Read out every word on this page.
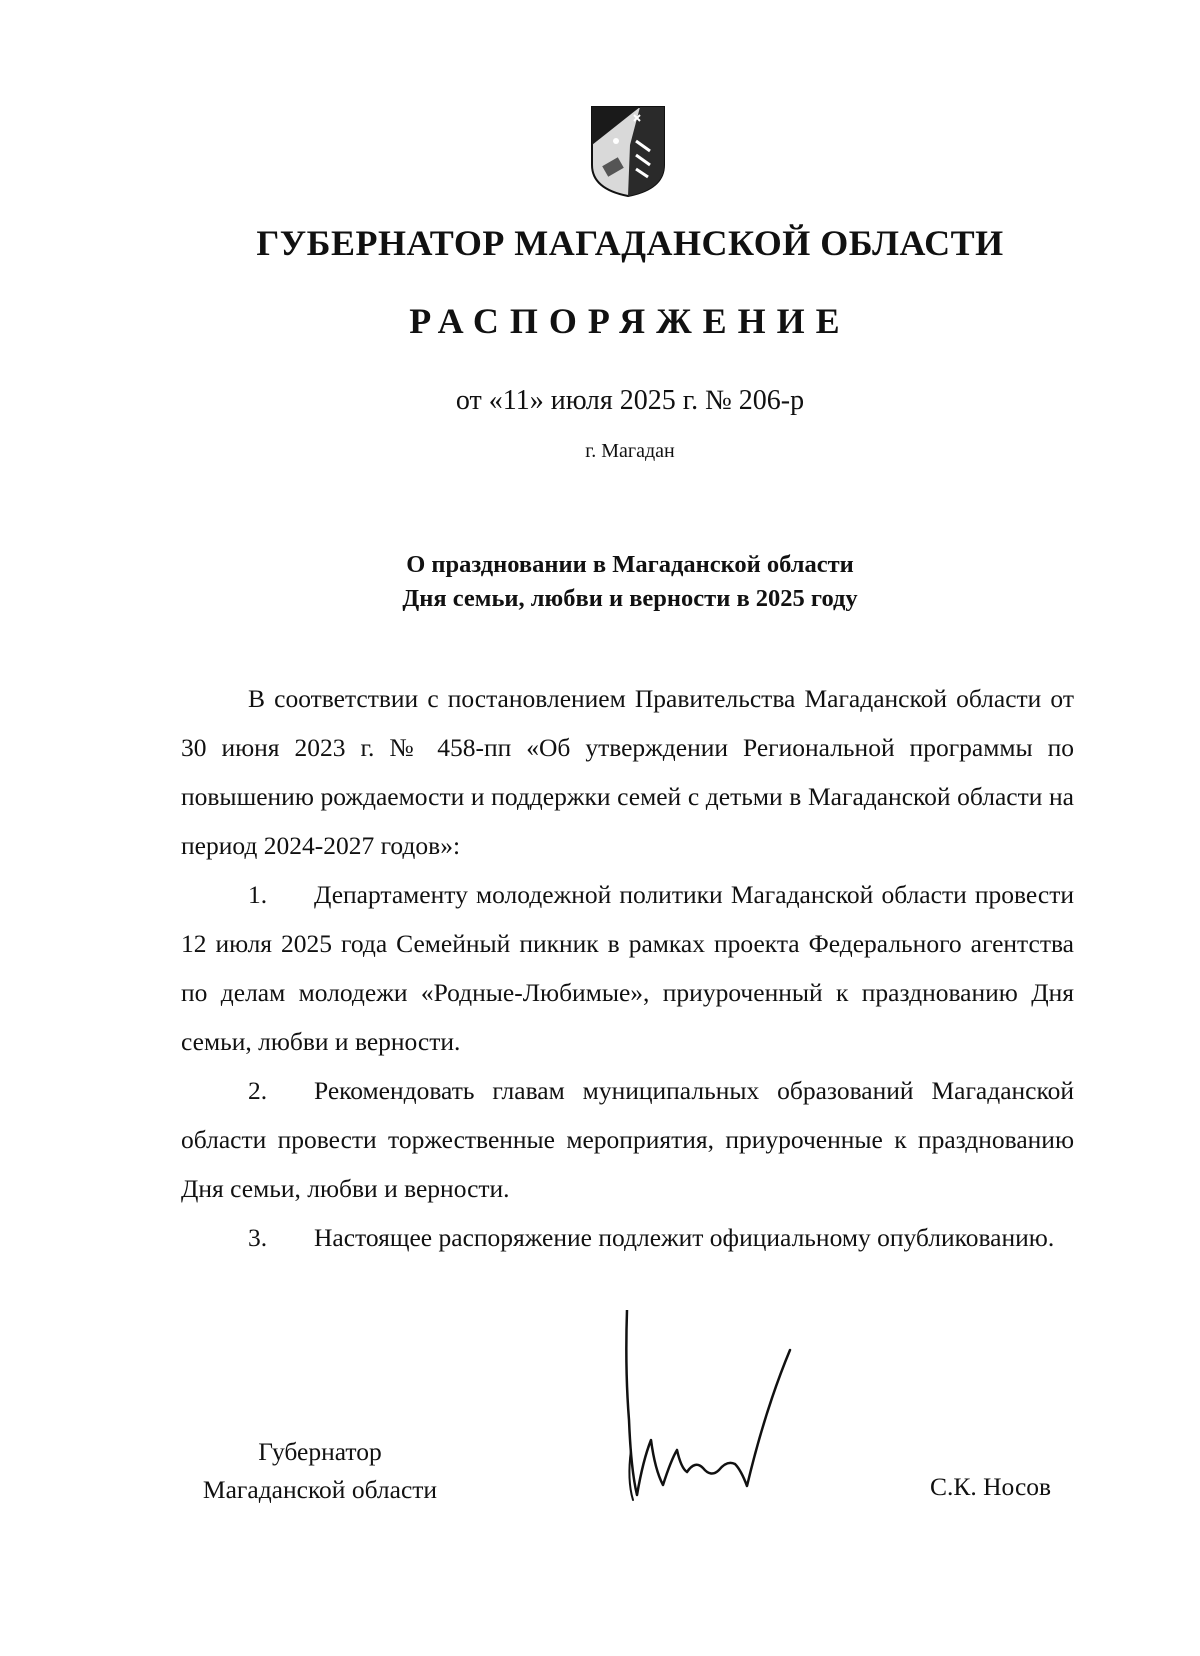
ГУБЕРНАТОР МАГАДАНСКОЙ ОБЛАСТИ
РАСПОРЯЖЕНИЕ
от «11» июля 2025 г. № 206-р
г. Магадан
О праздновании в Магаданской области
Дня семьи, любви и верности в 2025 году

В соответствии с постановлением Правительства Магаданской области от 30 июня 2023 г. № 458-пп «Об утверждении Региональной программы по повышению рождаемости и поддержки семей с детьми в Магаданской области на период 2024-2027 годов»:

1. Департаменту молодежной политики Магаданской области провести 12 июля 2025 года Семейный пикник в рамках проекта Федерального агентства по делам молодежи «Родные-Любимые», приуроченный к празднованию Дня семьи, любви и верности.

2. Рекомендовать главам муниципальных образований Магаданской области провести торжественные мероприятия, приуроченные к празднованию Дня семьи, любви и верности.

3. Настоящее распоряжение подлежит официальному опубликованию.

Губернатор
Магаданской области	С.К. Носов
